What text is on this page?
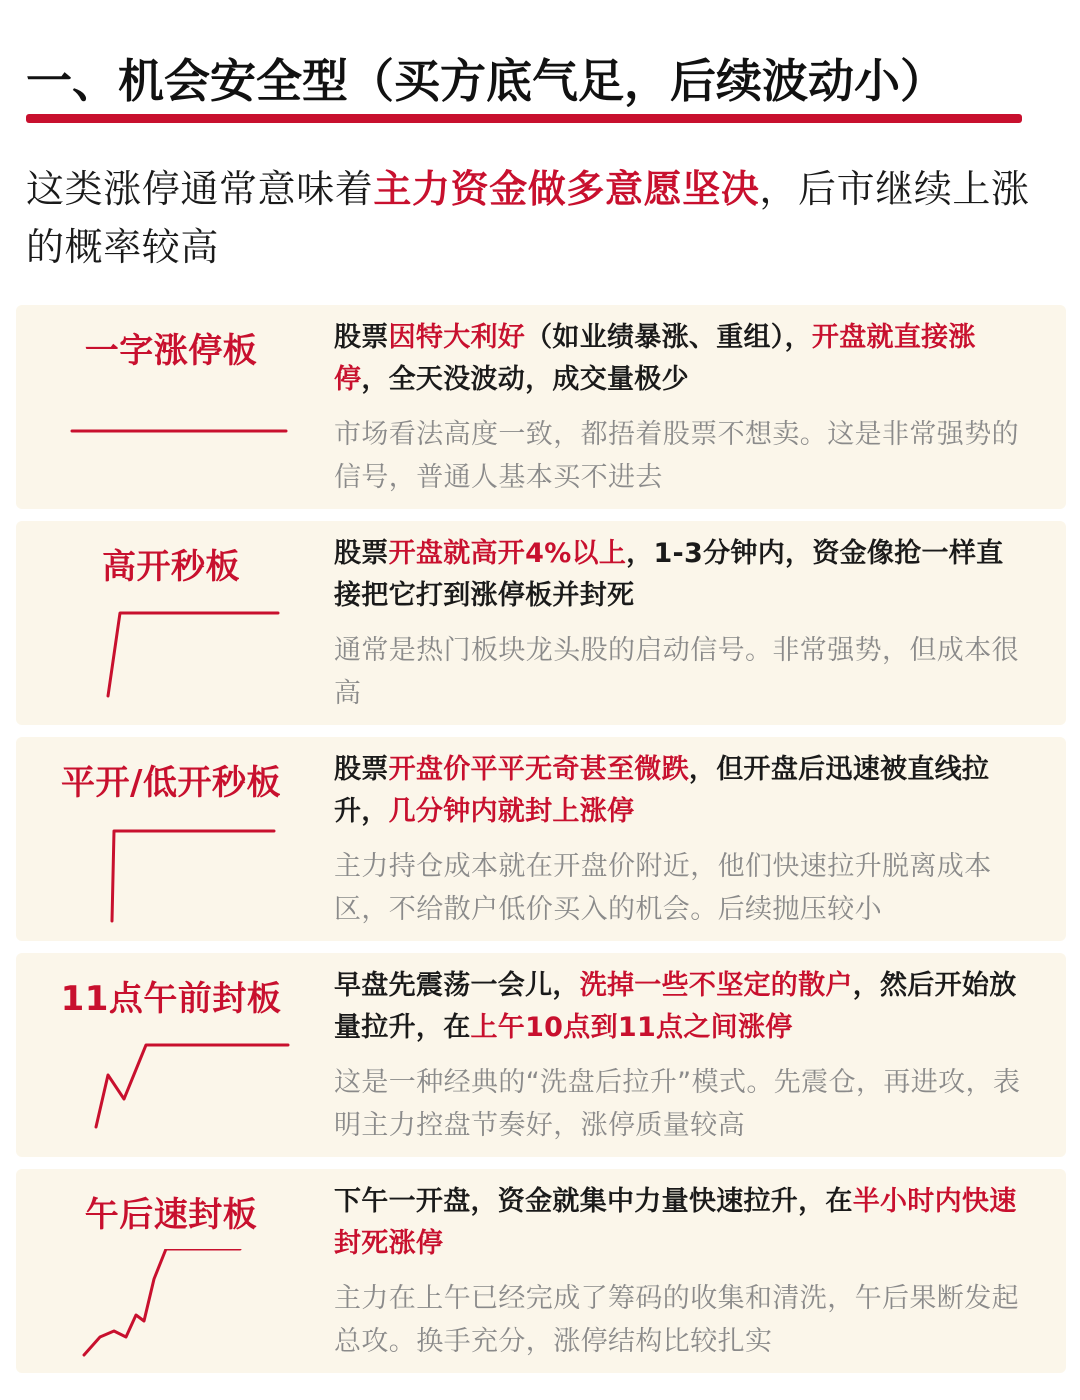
一、机会安全型（买方底气足，后续波动小）
这类涨停通常意味着主力资金做多意愿坚决，后市继续上涨的概率较高
一字涨停板	股票因特大利好（如业绩暴涨、重组），开盘就直接涨停，全天没波动，成交量极少
市场看法高度一致，都捂着股票不想卖。这是非常强势的信号，普通人基本买不进去
高开秒板	股票开盘就高开4%以上，1-3分钟内，资金像抢一样直接把它打到涨停板并封死
通常是热门板块龙头股的启动信号。非常强势，但成本很高
平开/低开秒板	股票开盘价平平无奇甚至微跌，但开盘后迅速被直线拉升，几分钟内就封上涨停
主力持仓成本就在开盘价附近，他们快速拉升脱离成本区，不给散户低价买入的机会。后续抛压较小
11点午前封板	早盘先震荡一会儿，洗掉一些不坚定的散户，然后开始放量拉升，在上午10点到11点之间涨停
这是一种经典的“洗盘后拉升”模式。先震仓，再进攻，表明主力控盘节奏好，涨停质量较高
午后速封板	下午一开盘，资金就集中力量快速拉升，在半小时内快速封死涨停
主力在上午已经完成了筹码的收集和清洗，午后果断发起总攻。换手充分，涨停结构比较扎实
